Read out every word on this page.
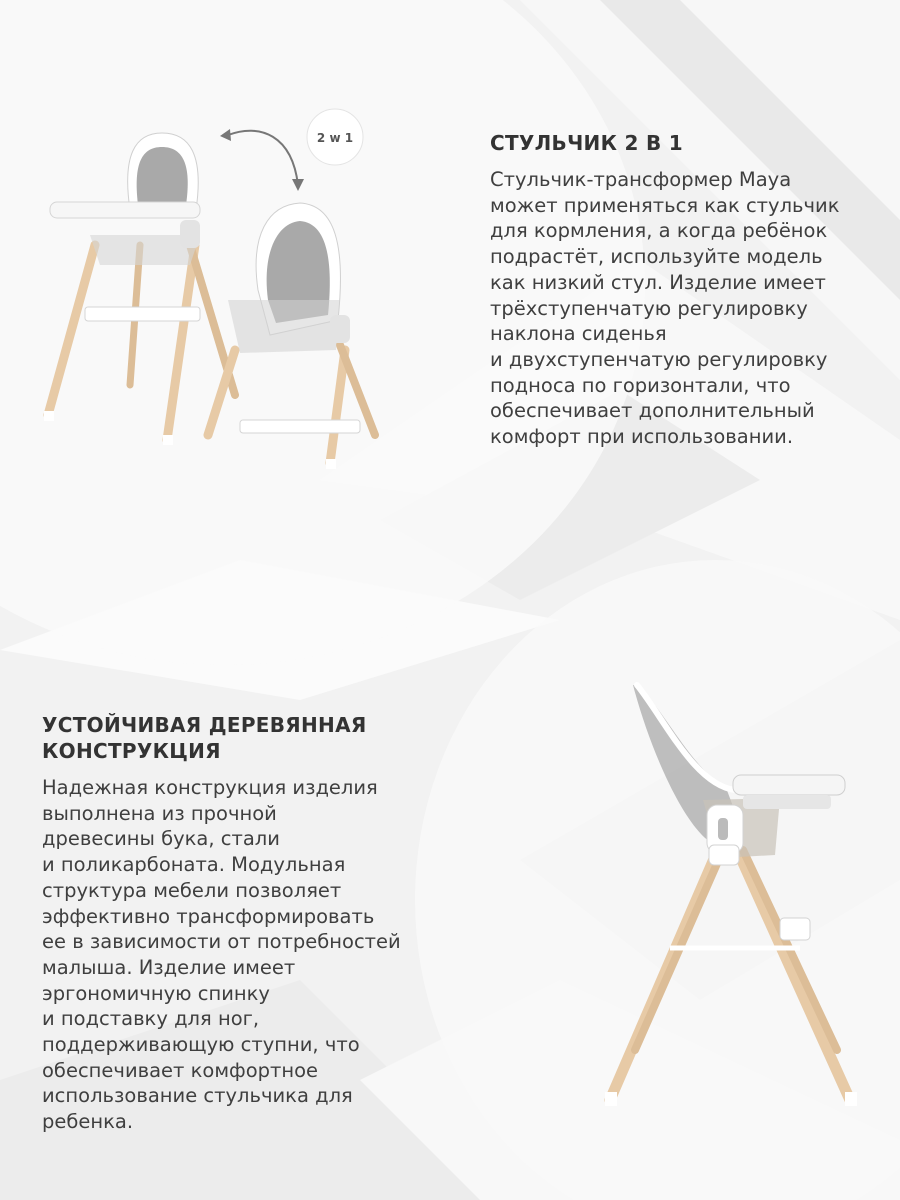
2 w 1	СТУЛЬЧИК 2 В 1

Стульчик-трансформер Maya
может применяться как стульчик
для кормления, а когда ребёнок
подрастёт, используйте модель
как низкий стул. Изделие имеет
трёхступенчатую регулировку
наклона сиденья
и двухступенчатую регулировку
подноса по горизонтали, что
обеспечивает дополнительный
комфорт при использовании.

УСТОЙЧИВАЯ ДЕРЕВЯННАЯ
КОНСТРУКЦИЯ

Надежная конструкция изделия
выполнена из прочной
древесины бука, стали
и поликарбоната. Модульная
структура мебели позволяет
эффективно трансформировать
ее в зависимости от потребностей
малыша. Изделие имеет
эргономичную спинку
и подставку для ног,
поддерживающую ступни, что
обеспечивает комфортное
использование стульчика для
ребенка.
